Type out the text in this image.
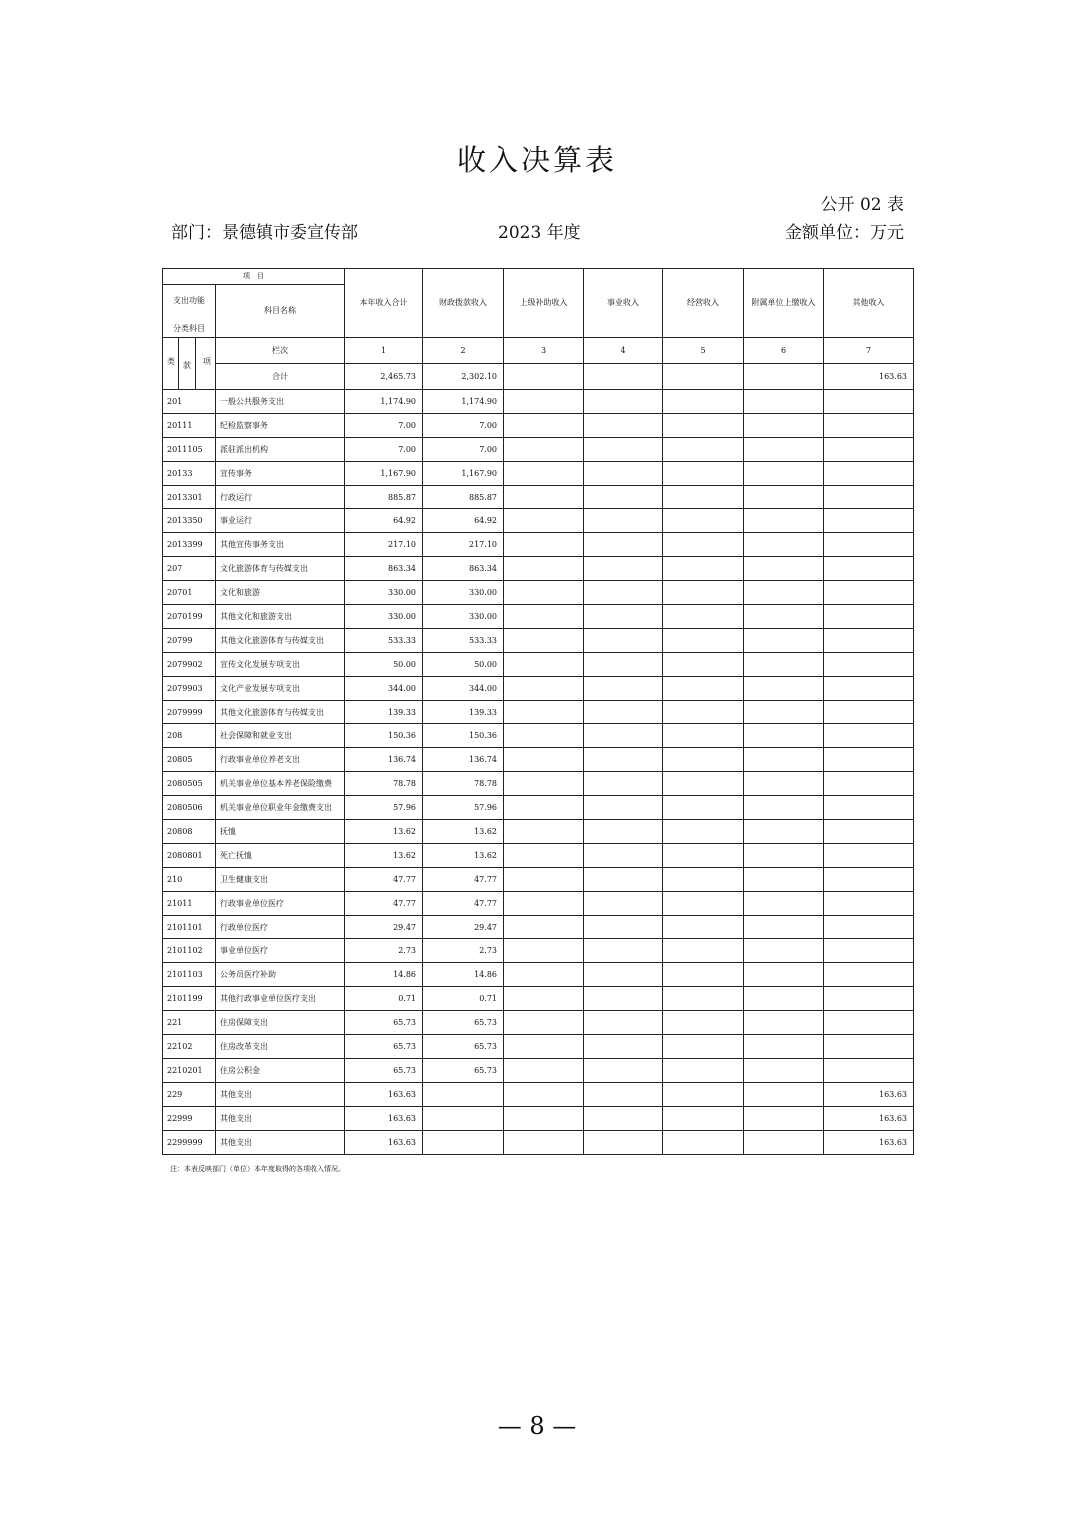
收入决算表
公开 02 表
部门：景德镇市委宣传部	2023 年度	金额单位：万元
项　目
支出功能
分类科目
科目名称		本年收入合计	财政拨款收入	上级补助收入	事业收入	经营收入	附属单位上缴收入	其他收入

类 款 项	栏次	1	2	3	4	5	6	7
	合计	2,465.73	2,302.10					163.63
201	一般公共服务支出	1,174.90	1,174.90					
20111	纪检监察事务	7.00	7.00					
2011105	派驻派出机构	7.00	7.00					
20133	宣传事务	1,167.90	1,167.90					
2013301	行政运行	885.87	885.87					
2013350	事业运行	64.92	64.92					
2013399	其他宣传事务支出	217.10	217.10					
207	文化旅游体育与传媒支出	863.34	863.34					
20701	文化和旅游	330.00	330.00					
2070199	其他文化和旅游支出	330.00	330.00					
20799	其他文化旅游体育与传媒支出	533.33	533.33					
2079902	宣传文化发展专项支出	50.00	50.00					
2079903	文化产业发展专项支出	344.00	344.00					
2079999	其他文化旅游体育与传媒支出	139.33	139.33					
208	社会保障和就业支出	150.36	150.36					
20805	行政事业单位养老支出	136.74	136.74					
2080505	机关事业单位基本养老保险缴费	78.78	78.78					
2080506	机关事业单位职业年金缴费支出	57.96	57.96					
20808	抚恤	13.62	13.62					
2080801	死亡抚恤	13.62	13.62					
210	卫生健康支出	47.77	47.77					
21011	行政事业单位医疗	47.77	47.77					
2101101	行政单位医疗	29.47	29.47					
2101102	事业单位医疗	2.73	2.73					
2101103	公务员医疗补助	14.86	14.86					
2101199	其他行政事业单位医疗支出	0.71	0.71					
221	住房保障支出	65.73	65.73					
22102	住房改革支出	65.73	65.73					
2210201	住房公积金	65.73	65.73					
229	其他支出	163.63						163.63
22999	其他支出	163.63						163.63
2299999	其他支出	163.63						163.63
注：本表反映部门（单位）本年度取得的各项收入情况。
— 8 —
